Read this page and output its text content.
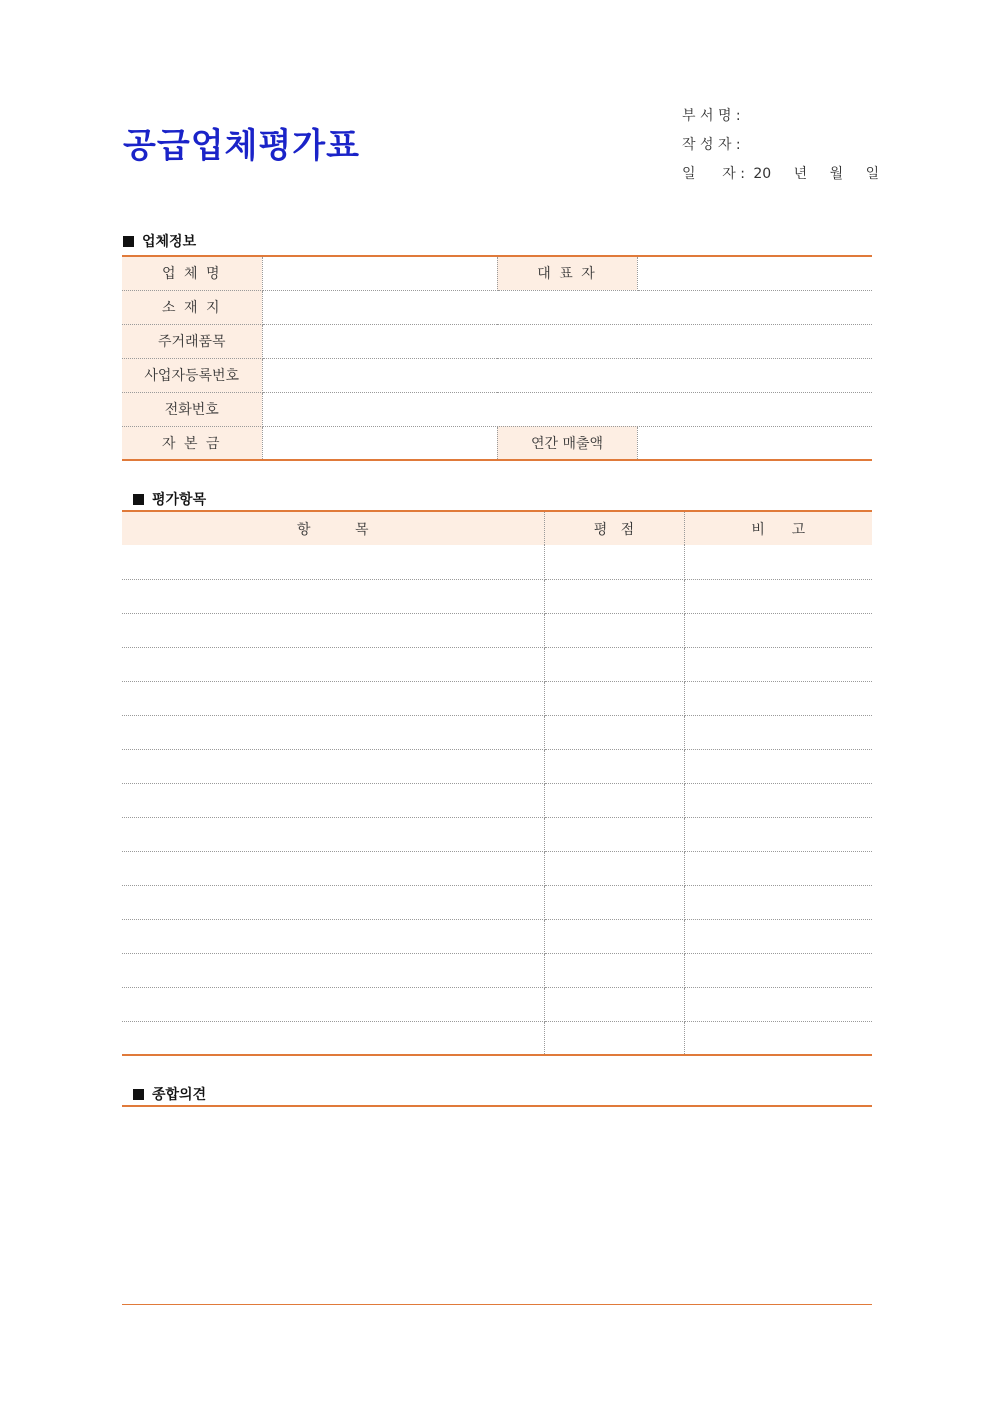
공급업체평가표
부 서 명 :
작 성 자 :
일      자 : 20 년 월 일
업체정보
업 체 명		대 표 자	
소 재 지			
주거래품목			
사업자등록번호			
전화번호			
자 본 금		연간 매출액	
평가항목
항          목	평   점	비      고

종합의견
